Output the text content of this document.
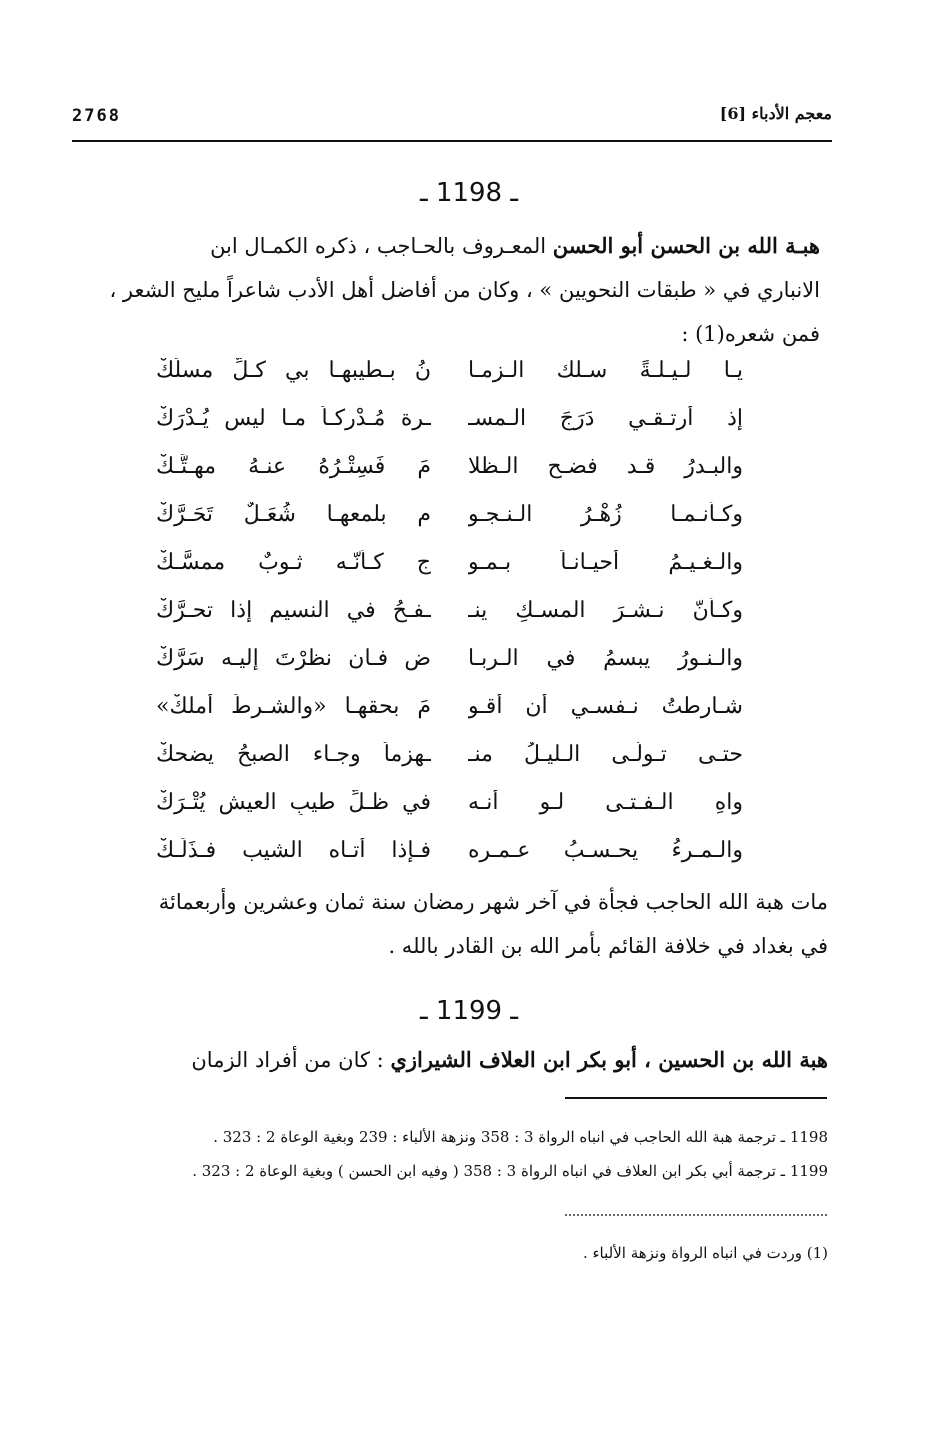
2768	معجم الأدباء [6]
ـ 1198 ـ
هبـة الله بن الحسن أبو الحسن المعـروف بالحـاجب ، ذكره الكمـال ابن
الانباري في « طبقات النحويين » ، وكان من أفاضل أهل الأدب شاعراً مليح الشعر ،
فمن شعره(1) :
يـا لـيـلـةً سـلك الـزمـا
نُ بـطيبهـا بي كـلِّ مسلَكْ
إذ أرتـقـي دَرَجَ الـمسـ
ـرة مُـدْركـاً مـا ليس يُـدْرَكْ
والبـدرُ قـد فضـح الـظلا
مَ فَسِتْـرُهُ عنـهُ مهـتَّـكْ
وكـأنـمـا زُهْـرُ الـنـجـو
م بلمعهـا شُعَـلٌ تَحَـرَّكْ
والـغـيـمُ أحيـانـاً بـمـو
جٍ كـأنّـه ثـوبٌ ممسَّـكْ
وكـأنّ نـشـرَ المسـكِ ينـ
ـفـحُ في النسيم إذا تحـرَّكْ
والـنـورُ يبسمُ في الـربـا
ضِ فـان نظرْتَ إليـه سَرَّكْ
شـارطتُ نـفسـي أن أقـو
مَ بحقهـا «والشـرطُ أملكْ»
حتـى تـولّـى الـليـلُ منـ
ـهزماً وجـاء الصبحُ يضحكْ
واهِ الـفـتـى لـو أنـه
في ظـلِّ طيبِ العيشِ يُتْـرَكْ
والـمـرءُ يحـسـبُ عـمـره
فـإذا أتـاه الشيب فـذَلَـكْ
مات هبة الله الحاجب فجأة في آخر شهر رمضان سنة ثمان وعشرين وأربعمائة
في بغداد في خلافة القائم بأمر الله بن القادر بالله .
ـ 1199 ـ
هبة الله بن الحسين ، أبو بكر ابن العلاف الشيرازي : كان من أفراد الزمان
1198 ـ ترجمة هبة الله الحاجب في انباه الرواة 3 : 358 ونزهة الألباء : 239 وبغية الوعاة 2 : 323 .
1199 ـ ترجمة أبي بكر ابن العلاف في انباه الرواة 3 : 358 ( وفيه ابن الحسن ) وبغية الوعاة 2 : 323 .
(1) وردت في انباه الرواة ونزهة الألباء .
